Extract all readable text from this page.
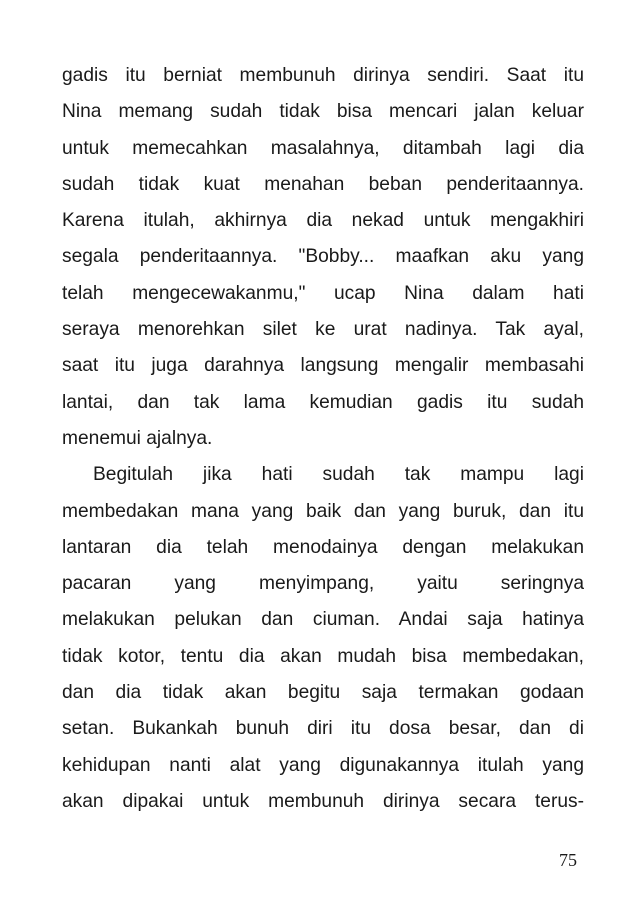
gadis itu berniat membunuh dirinya sendiri. Saat itu
Nina memang sudah tidak bisa mencari jalan keluar
untuk memecahkan masalahnya, ditambah lagi dia
sudah tidak kuat menahan beban penderitaannya.
Karena itulah, akhirnya dia nekad untuk mengakhiri
segala penderitaannya. "Bobby... maafkan aku yang
telah mengecewakanmu," ucap Nina dalam hati
seraya menorehkan silet ke urat nadinya. Tak ayal,
saat itu juga darahnya langsung mengalir membasahi
lantai, dan tak lama kemudian gadis itu sudah
menemui ajalnya.
Begitulah jika hati sudah tak mampu lagi
membedakan mana yang baik dan yang buruk, dan itu
lantaran dia telah menodainya dengan melakukan
pacaran yang menyimpang, yaitu seringnya
melakukan pelukan dan ciuman. Andai saja hatinya
tidak kotor, tentu dia akan mudah bisa membedakan,
dan dia tidak akan begitu saja termakan godaan
setan. Bukankah bunuh diri itu dosa besar, dan di
kehidupan nanti alat yang digunakannya itulah yang
akan dipakai untuk membunuh dirinya secara terus-
75
